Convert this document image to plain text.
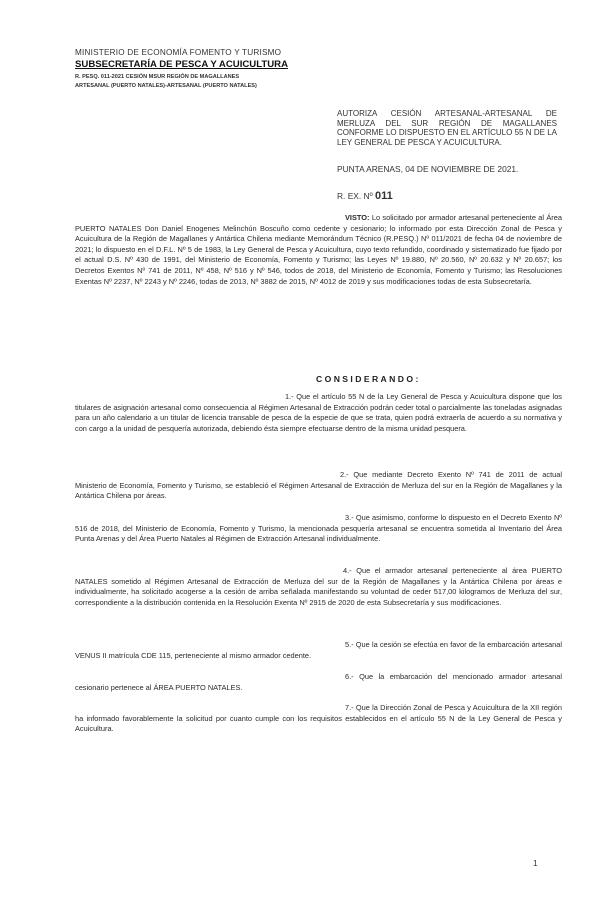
MINISTERIO DE ECONOMÍA FOMENTO Y TURISMO
SUBSECRETARÍA DE PESCA Y ACUICULTURA
R. PESQ. 011-2021 CESIÓN MSUR REGIÓN DE MAGALLANES
ARTESANAL (PUERTO NATALES)-ARTESANAL (PUERTO NATALES)
AUTORIZA CESIÓN ARTESANAL-ARTESANAL DE MERLUZA DEL SUR REGIÓN DE MAGALLANES CONFORME LO DISPUESTO EN EL ARTÍCULO 55 N DE LA LEY GENERAL DE PESCA Y ACUICULTURA.
PUNTA ARENAS, 04 DE NOVIEMBRE DE 2021.
R. EX. Nº 011
VISTO: Lo solicitado por armador artesanal perteneciente al Área PUERTO NATALES Don Daniel Enogenes Melinchún Boscuño como cedente y cesionario; lo informado por esta Dirección Zonal de Pesca y Acuicultura de la Región de Magallanes y Antártica Chilena mediante Memorándum Técnico (R.PESQ.) Nº 011/2021 de fecha 04 de noviembre de 2021; lo dispuesto en el D.F.L. Nº 5 de 1983, la Ley General de Pesca y Acuicultura, cuyo texto refundido, coordinado y sistematizado fue fijado por el actual D.S. Nº 430 de 1991, del Ministerio de Economía, Fomento y Turismo; las Leyes Nº 19.880, Nº 20.560, Nº 20.632 y Nº 20.657; los Decretos Exentos Nº 741 de 2011, Nº 458, Nº 516 y Nº 546, todos de 2018, del Ministerio de Economía, Fomento y Turismo; las Resoluciones Exentas Nº 2237, Nº 2243 y Nº 2246, todas de 2013, Nº 3882 de 2015, Nº 4012 de 2019 y sus modificaciones todas de esta Subsecretaría.
CONSIDERANDO:
1.- Que el artículo 55 N de la Ley General de Pesca y Acuicultura dispone que los titulares de asignación artesanal como consecuencia al Régimen Artesanal de Extracción podrán ceder total o parcialmente las toneladas asignadas para un año calendario a un titular de licencia transable de pesca de la especie de que se trata, quien podrá extraerla de acuerdo a su normativa y con cargo a la unidad de pesquería autorizada, debiendo ésta siempre efectuarse dentro de la misma unidad pesquera.
2.- Que mediante Decreto Exento Nº 741 de 2011 de actual Ministerio de Economía, Fomento y Turismo, se estableció el Régimen Artesanal de Extracción de Merluza del sur en la Región de Magallanes y la Antártica Chilena por áreas.
3.- Que asimismo, conforme lo dispuesto en el Decreto Exento Nº 516 de 2018, del Ministerio de Economía, Fomento y Turismo, la mencionada pesquería artesanal se encuentra sometida al Inventario del Área Punta Arenas y del Área Puerto Natales al Régimen de Extracción Artesanal individualmente.
4.- Que el armador artesanal perteneciente al área PUERTO NATALES sometido al Régimen Artesanal de Extracción de Merluza del sur de la Región de Magallanes y la Antártica Chilena por áreas e individualmente, ha solicitado acogerse a la cesión de arriba señalada manifestando su voluntad de ceder 517,00 kilogramos de Merluza del sur, correspondiente a la distribución contenida en la Resolución Exenta Nº 2915 de 2020 de esta Subsecretaría y sus modificaciones.
5.- Que la cesión se efectúa en favor de la embarcación artesanal VENUS II matrícula CDE 115, perteneciente al mismo armador cedente.
6.- Que la embarcación del mencionado armador artesanal cesionario pertenece al ÁREA PUERTO NATALES.
7.- Que la Dirección Zonal de Pesca y Acuicultura de la XII región ha informado favorablemente la solicitud por cuanto cumple con los requisitos establecidos en el artículo 55 N de la Ley General de Pesca y Acuicultura.
1
